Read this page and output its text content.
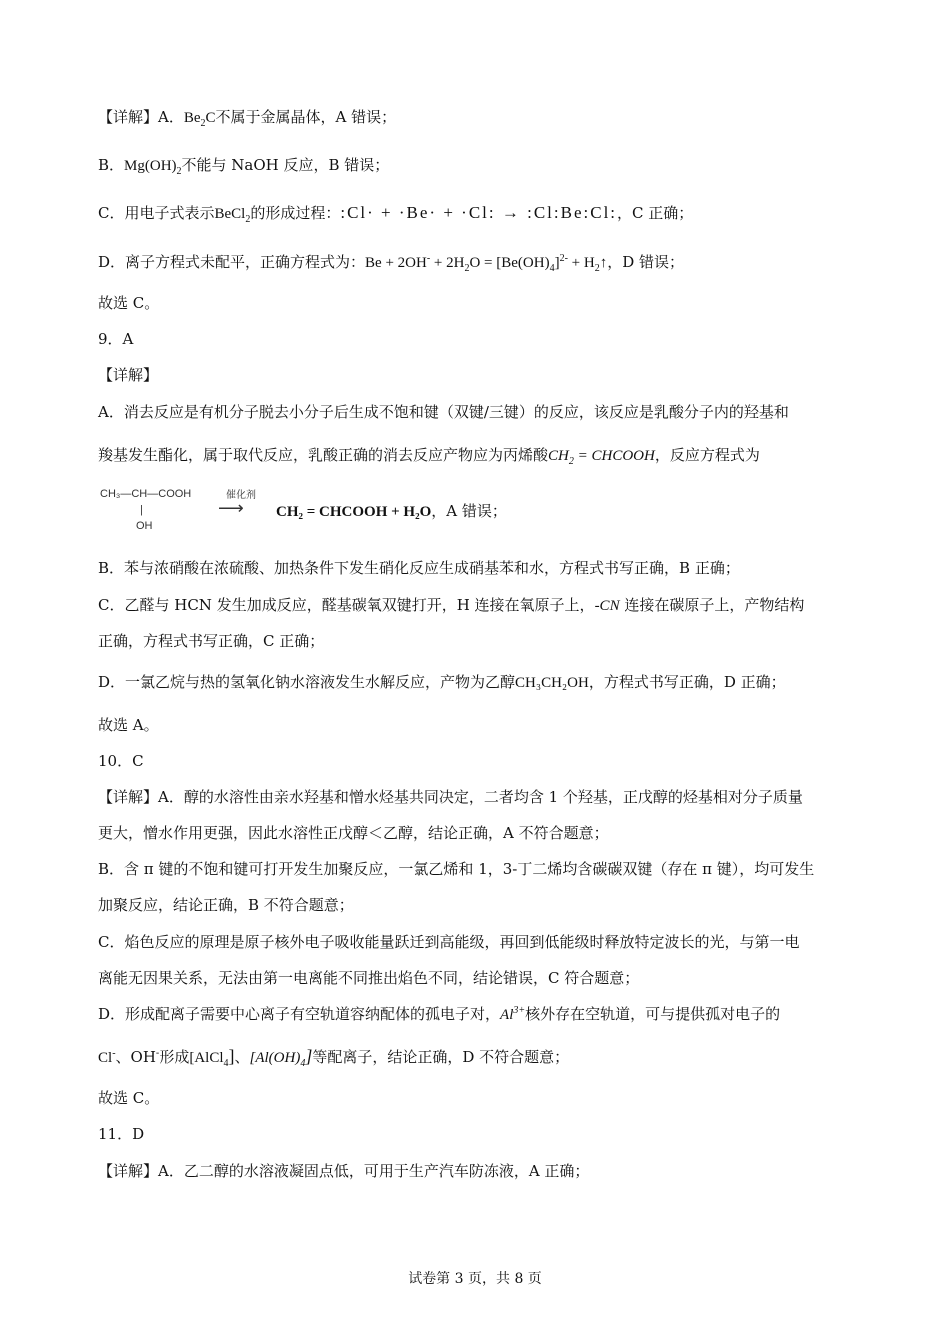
【详解】A．$Be_2C$不属于金属晶体，A 错误；
B．$Mg(OH)_2$不能与 NaOH 反应，B 错误；
C．用电子式表示BeCl$_2$的形成过程：:Cl· + ·Be· + ·Cl: → :Cl:Be:Cl:，C 正确；
D．离子方程式未配平，正确方程式为：$Be + 2OH^- + 2H_2O = [Be(OH)_4]^{2-}$ + $H_2↑$，D 错误；
故选 C。
9．A
【详解】
A．消去反应是有机分子脱去小分子后生成不饱和键（双键/三键）的反应，该反应是乳酸分子内的羟基和
羧基发生酯化，属于取代反应，乳酸正确的消去反应产物应为丙烯酸$CH_2$ = CHCOOH，反应方程式为
CH₃—CH—COOH
|
OH
催化剂
⟶	CH₂ = CHCOOH + H₂O，A 错误；
B．苯与浓硝酸在浓硫酸、加热条件下发生硝化反应生成硝基苯和水，方程式书写正确，B 正确；
C．乙醛与 HCN 发生加成反应，醛基碳氧双键打开，H 连接在氧原子上，-CN 连接在碳原子上，产物结构
正确，方程式书写正确，C 正确；
D．一氯乙烷与热的氢氧化钠水溶液发生水解反应，产物为乙醇CH₃CH₂OH，方程式书写正确，D 正确；
故选 A。
10．C
【详解】A．醇的水溶性由亲水羟基和憎水烃基共同决定，二者均含 1 个羟基，正戊醇的烃基相对分子质量
更大，憎水作用更强，因此水溶性正戊醇＜乙醇，结论正确，A 不符合题意；
B．含 π 键的不饱和键可打开发生加聚反应，一氯乙烯和 1，3-丁二烯均含碳碳双键（存在 π 键），均可发生
加聚反应，结论正确，B 不符合题意；
C．焰色反应的原理是原子核外电子吸收能量跃迁到高能级，再回到低能级时释放特定波长的光，与第一电
离能无因果关系，无法由第一电离能不同推出焰色不同，结论错误，C 符合题意；
D．形成配离子需要中心离子有空轨道容纳配体的孤电子对，$Al^{3+}$核外存在空轨道，可与提供孤对电子的
Cl-、OH-形成[AlCl$_4$]、$[Al(OH)_4]$等配离子，结论正确，D 不符合题意；
故选 C。
11．D
【详解】A．乙二醇的水溶液凝固点低，可用于生产汽车防冻液，A 正确；
试卷第 3 页，共 8 页
